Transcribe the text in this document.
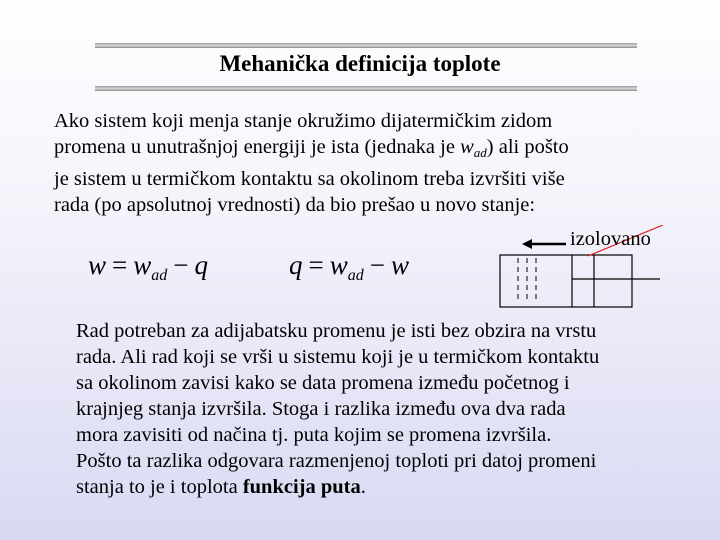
Mehanička definicija toplote
Ako sistem koji menja stanje okružimo dijatermičkim zidom
promena u unutrašnjoj energiji je ista (jednaka je $w_{ad}$) ali pošto
je sistem u termičkom kontaktu sa okolinom treba izvršiti više
rada (po apsolutnoj vrednosti) da bio prešao u novo stanje:
$w = w_{ad} - q$	$q = w_{ad} - w$
izolovano
Rad potreban za adijabatsku promenu je isti bez obzira na vrstu
rada. Ali rad koji se vrši u sistemu koji je u termičkom kontaktu
sa okolinom zavisi kako se data promena između početnog i
krajnjeg stanja izvršila. Stoga i razlika između ova dva rada
mora zavisiti od načina tj. puta kojim se promena izvršila.
Pošto ta razlika odgovara razmenjenoj toploti pri datoj promeni
stanja to je i toplota funkcija puta.
